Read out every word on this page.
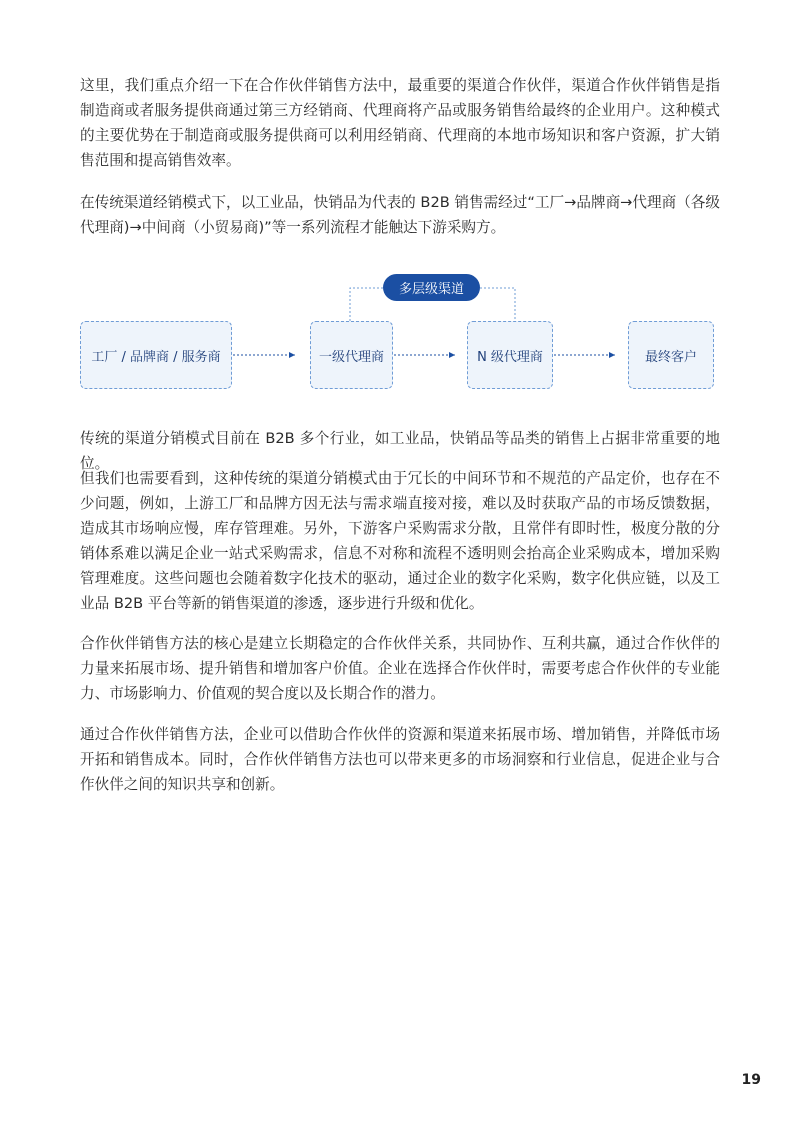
这里，我们重点介绍一下在合作伙伴销售方法中，最重要的渠道合作伙伴，渠道合作伙伴销售是指制造商或者服务提供商通过第三方经销商、代理商将产品或服务销售给最终的企业用户。这种模式的主要优势在于制造商或服务提供商可以利用经销商、代理商的本地市场知识和客户资源，扩大销售范围和提高销售效率。

在传统渠道经销模式下，以工业品，快销品为代表的 B2B 销售需经过“工厂→品牌商→代理商（各级代理商)→中间商（小贸易商)”等一系列流程才能触达下游采购方。

多层级渠道
工厂 / 品牌商 / 服务商	一级代理商	N 级代理商	最终客户

传统的渠道分销模式目前在 B2B 多个行业，如工业品，快销品等品类的销售上占据非常重要的地位。

但我们也需要看到，这种传统的渠道分销模式由于冗长的中间环节和不规范的产品定价，也存在不少问题，例如，上游工厂和品牌方因无法与需求端直接对接，难以及时获取产品的市场反馈数据，造成其市场响应慢，库存管理难。另外，下游客户采购需求分散，且常伴有即时性，极度分散的分销体系难以满足企业一站式采购需求，信息不对称和流程不透明则会抬高企业采购成本，增加采购管理难度。这些问题也会随着数字化技术的驱动，通过企业的数字化采购，数字化供应链，以及工业品 B2B 平台等新的销售渠道的渗透，逐步进行升级和优化。

合作伙伴销售方法的核心是建立长期稳定的合作伙伴关系，共同协作、互利共赢，通过合作伙伴的力量来拓展市场、提升销售和增加客户价值。企业在选择合作伙伴时，需要考虑合作伙伴的专业能力、市场影响力、价值观的契合度以及长期合作的潜力。

通过合作伙伴销售方法，企业可以借助合作伙伴的资源和渠道来拓展市场、增加销售，并降低市场开拓和销售成本。同时，合作伙伴销售方法也可以带来更多的市场洞察和行业信息，促进企业与合作伙伴之间的知识共享和创新。

19
